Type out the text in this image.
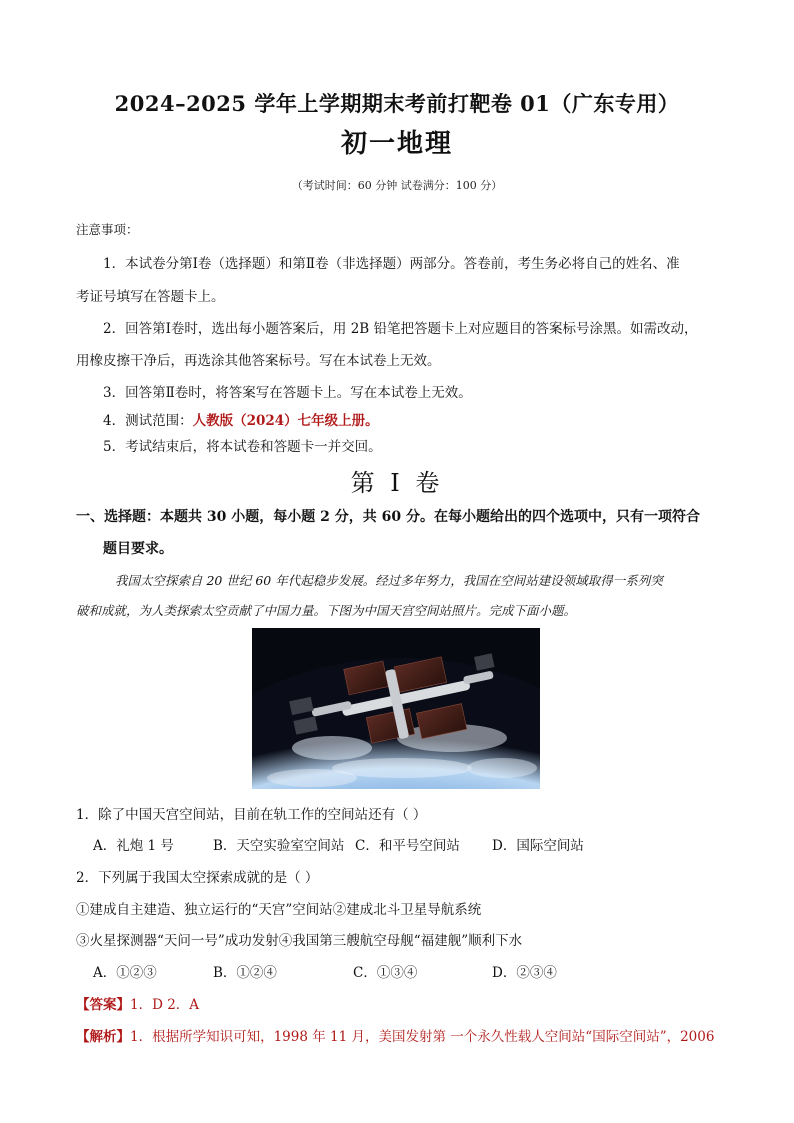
2024–2025 学年上学期期末考前打靶卷 01（广东专用）
初一地理
（考试时间：60 分钟 试卷满分：100 分）
注意事项：
1．本试卷分第Ⅰ卷（选择题）和第Ⅱ卷（非选择题）两部分。答卷前，考生务必将自己的姓名、准
考证号填写在答题卡上。
2．回答第Ⅰ卷时，选出每小题答案后，用 2B 铅笔把答题卡上对应题目的答案标号涂黑。如需改动，
用橡皮擦干净后，再选涂其他答案标号。写在本试卷上无效。
3．回答第Ⅱ卷时，将答案写在答题卡上。写在本试卷上无效。
4．测试范围：人教版（2024）七年级上册。
5．考试结束后，将本试卷和答题卡一并交回。
第 I 卷
一、选择题：本题共 30 小题，每小题 2 分，共 60 分。在每小题给出的四个选项中，只有一项符合
题目要求。
我国太空探索自 20 世纪 60 年代起稳步发展。经过多年努力，我国在空间站建设领域取得一系列突
破和成就，为人类探索太空贡献了中国力量。下图为中国天宫空间站照片。完成下面小题。
1．除了中国天宫空间站，目前在轨工作的空间站还有（ ）
A．礼炮 1 号	B．天空实验室空间站 C．和平号空间站 D．国际空间站
2．下列属于我国太空探索成就的是（ ）
①建成自主建造、独立运行的“天宫”空间站②建成北斗卫星导航系统
③火星探测器“天问一号”成功发射④我国第三艘航空母舰“福建舰”顺利下水
A．①②③	B．①②④	C．①③④	D．②③④
【答案】1．D 2．A
【解析】1．根据所学知识可知，1998 年 11 月，美国发射第 一个永久性载人空间站“国际空间站”，2006
